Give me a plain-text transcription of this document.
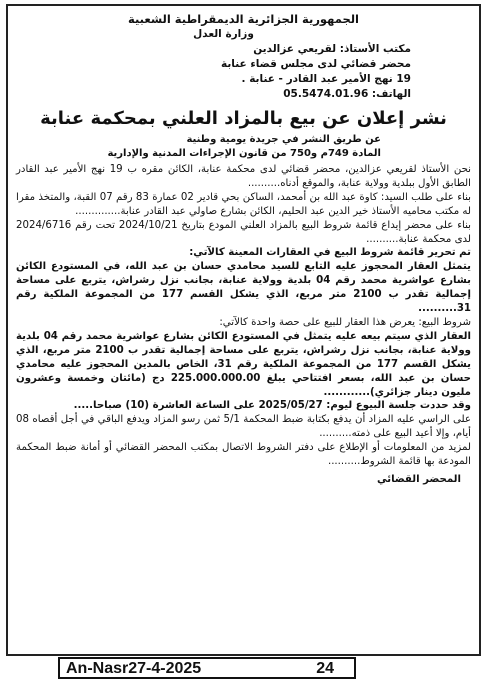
الجمهورية الجزائرية الديمقراطية الشعبية
وزارة العدل
مكتب الأستاذ: لقريعي عزالدين
محضر قضائي لدى مجلس قضاء عنابة
19 نهج الأمير عبد القادر - عنابة .
الهاتف: 05.5474.01.96
نشر إعلان عن بيع بالمزاد العلني بمحكمة عنابة
عن طريق النشر في جريدة يومية وطنية
المادة 749م و750 من قانون الإجراءات المدنية والإدارية

نحن الأستاذ لقريعي عزالدين، محضر قضائي لدى محكمة عنابة، الكائن مقره ب 19 نهج الأمير عبد القادر الطابق الأول ببلدية وولاية عنابة، والموقع أدناه..........

بناء على طلب السيد: كاوة عبد الله بن أمحمد، الساكن بحي قادير 02 عمارة 83 رقم 07 القبة، والمتخذ مقرا له مكتب محاميه الأستاذ خير الدين عبد الحليم، الكائن بشارع صاولي عبد القادر عنابة..............

بناء على محضر إيداع قائمة شروط البيع بالمزاد العلني المودع بتاريخ 2024/10/21 تحت رقم 2024/6716 لدى محكمة عنابة..........

تم تحرير قائمة شروط البيع في العقارات المعينة كالآتي:

يتمثل العقار المحجوز عليه التابع للسيد محامدي حسان بن عبد الله، في المستودع الكائن بشارع عواشرية محمد رقم 04 بلدية وولاية عنابة، بجانب نزل رشراش، يتربع على مساحة إجمالية تقدر ب 2100 متر مربع، الذي يشكل القسم 177 من المجموعة الملكية رقم 31..........

شروط البيع: يعرض هذا العقار للبيع على حصة واحدة كالآتي:

العقار الذي سيتم بيعه عليه يتمثل في المستودع الكائن بشارع عواشرية محمد رقم 04 بلدية وولاية عنابة، بجانب نزل رشراش، يتربع على مساحة إجمالية تقدر ب 2100 متر مربع، الذي يشكل القسم 177 من المجموعة الملكية رقم 31، الخاص بالمدين المحجوز عليه محامدي حسان بن عبد الله، بسعر افتتاحي يبلغ 225.000.000.00 دج (مائتان وخمسة وعشرون مليون دينار جزائري)............

وقد حددت جلسة البيوع ليوم: 2025/05/27 على الساعة العاشرة (10) صباحا.....

على الراسي عليه المزاد أن يدفع بكتابة ضبط المحكمة 5/1 ثمن رسو المزاد ويدفع الباقي في أجل أقصاه 08 أيام، وإلا أعيد البيع على ذمته..........

لمزيد من المعلومات أو الإطلاع على دفتر الشروط الاتصال بمكتب المحضر القضائي أو أمانة ضبط المحكمة المودعة بها قائمة الشروط..........

المحضر القضائي

An-Nasr27-4-2025	24
